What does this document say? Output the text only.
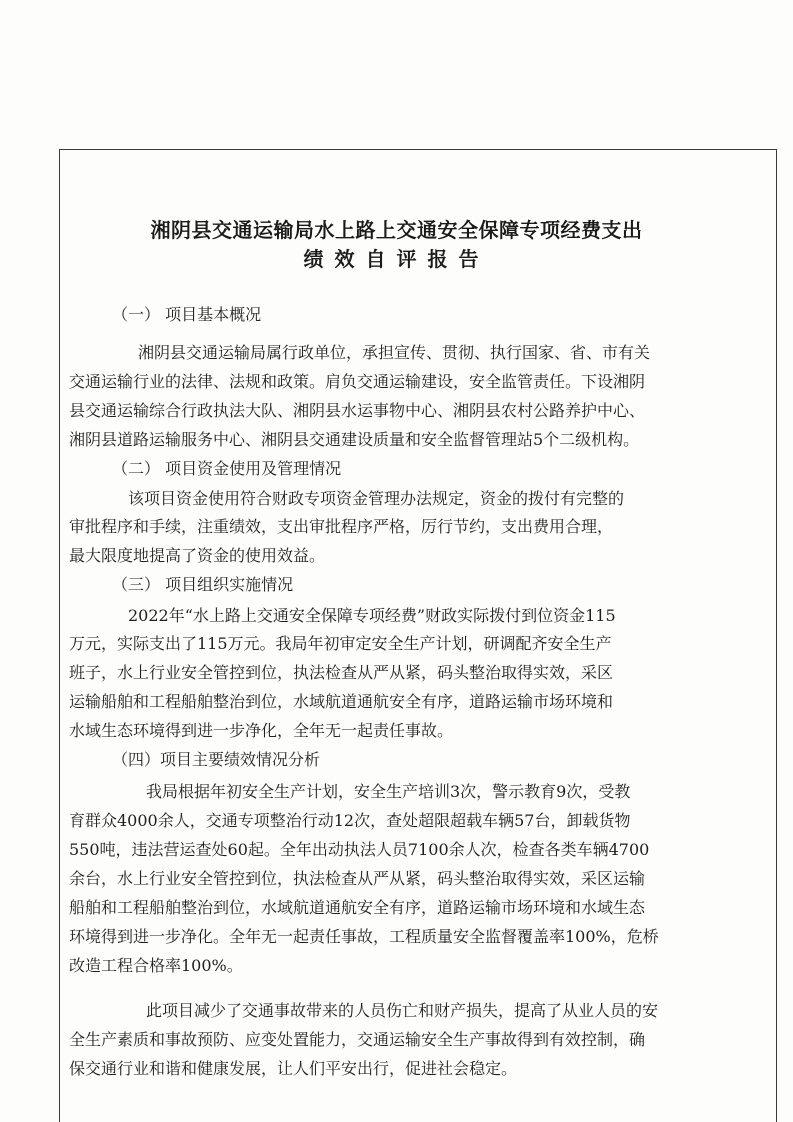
湘阴县交通运输局水上路上交通安全保障专项经费支出
绩效自评报告
（一） 项目基本概况
湘阴县交通运输局属行政单位，承担宣传、贯彻、执行国家、省、市有关
交通运输行业的法律、法规和政策。肩负交通运输建设，安全监管责任。下设湘阴
县交通运输综合行政执法大队、湘阴县水运事物中心、湘阴县农村公路养护中心、
湘阴县道路运输服务中心、湘阴县交通建设质量和安全监督管理站5个二级机构。
（二） 项目资金使用及管理情况
该项目资金使用符合财政专项资金管理办法规定，资金的拨付有完整的
审批程序和手续，注重绩效，支出审批程序严格，厉行节约，支出费用合理，
最大限度地提高了资金的使用效益。
（三） 项目组织实施情况
2022年“水上路上交通安全保障专项经费”财政实际拨付到位资金115
万元，实际支出了115万元。我局年初审定安全生产计划，研调配齐安全生产
班子，水上行业安全管控到位，执法检查从严从紧，码头整治取得实效，采区
运输船舶和工程船舶整治到位，水域航道通航安全有序，道路运输市场环境和
水域生态环境得到进一步净化，全年无一起责任事故。
（四）项目主要绩效情况分析
我局根据年初安全生产计划，安全生产培训3次，警示教育9次，受教
育群众4000余人，交通专项整治行动12次，查处超限超载车辆57台，卸载货物
550吨，违法营运查处60起。全年出动执法人员7100余人次，检查各类车辆4700
余台，水上行业安全管控到位，执法检查从严从紧，码头整治取得实效，采区运输
船舶和工程船舶整治到位，水域航道通航安全有序，道路运输市场环境和水域生态
环境得到进一步净化。全年无一起责任事故，工程质量安全监督覆盖率100%，危桥
改造工程合格率100%。
此项目减少了交通事故带来的人员伤亡和财产损失，提高了从业人员的安
全生产素质和事故预防、应变处置能力，交通运输安全生产事故得到有效控制，确
保交通行业和谐和健康发展，让人们平安出行，促进社会稳定。
